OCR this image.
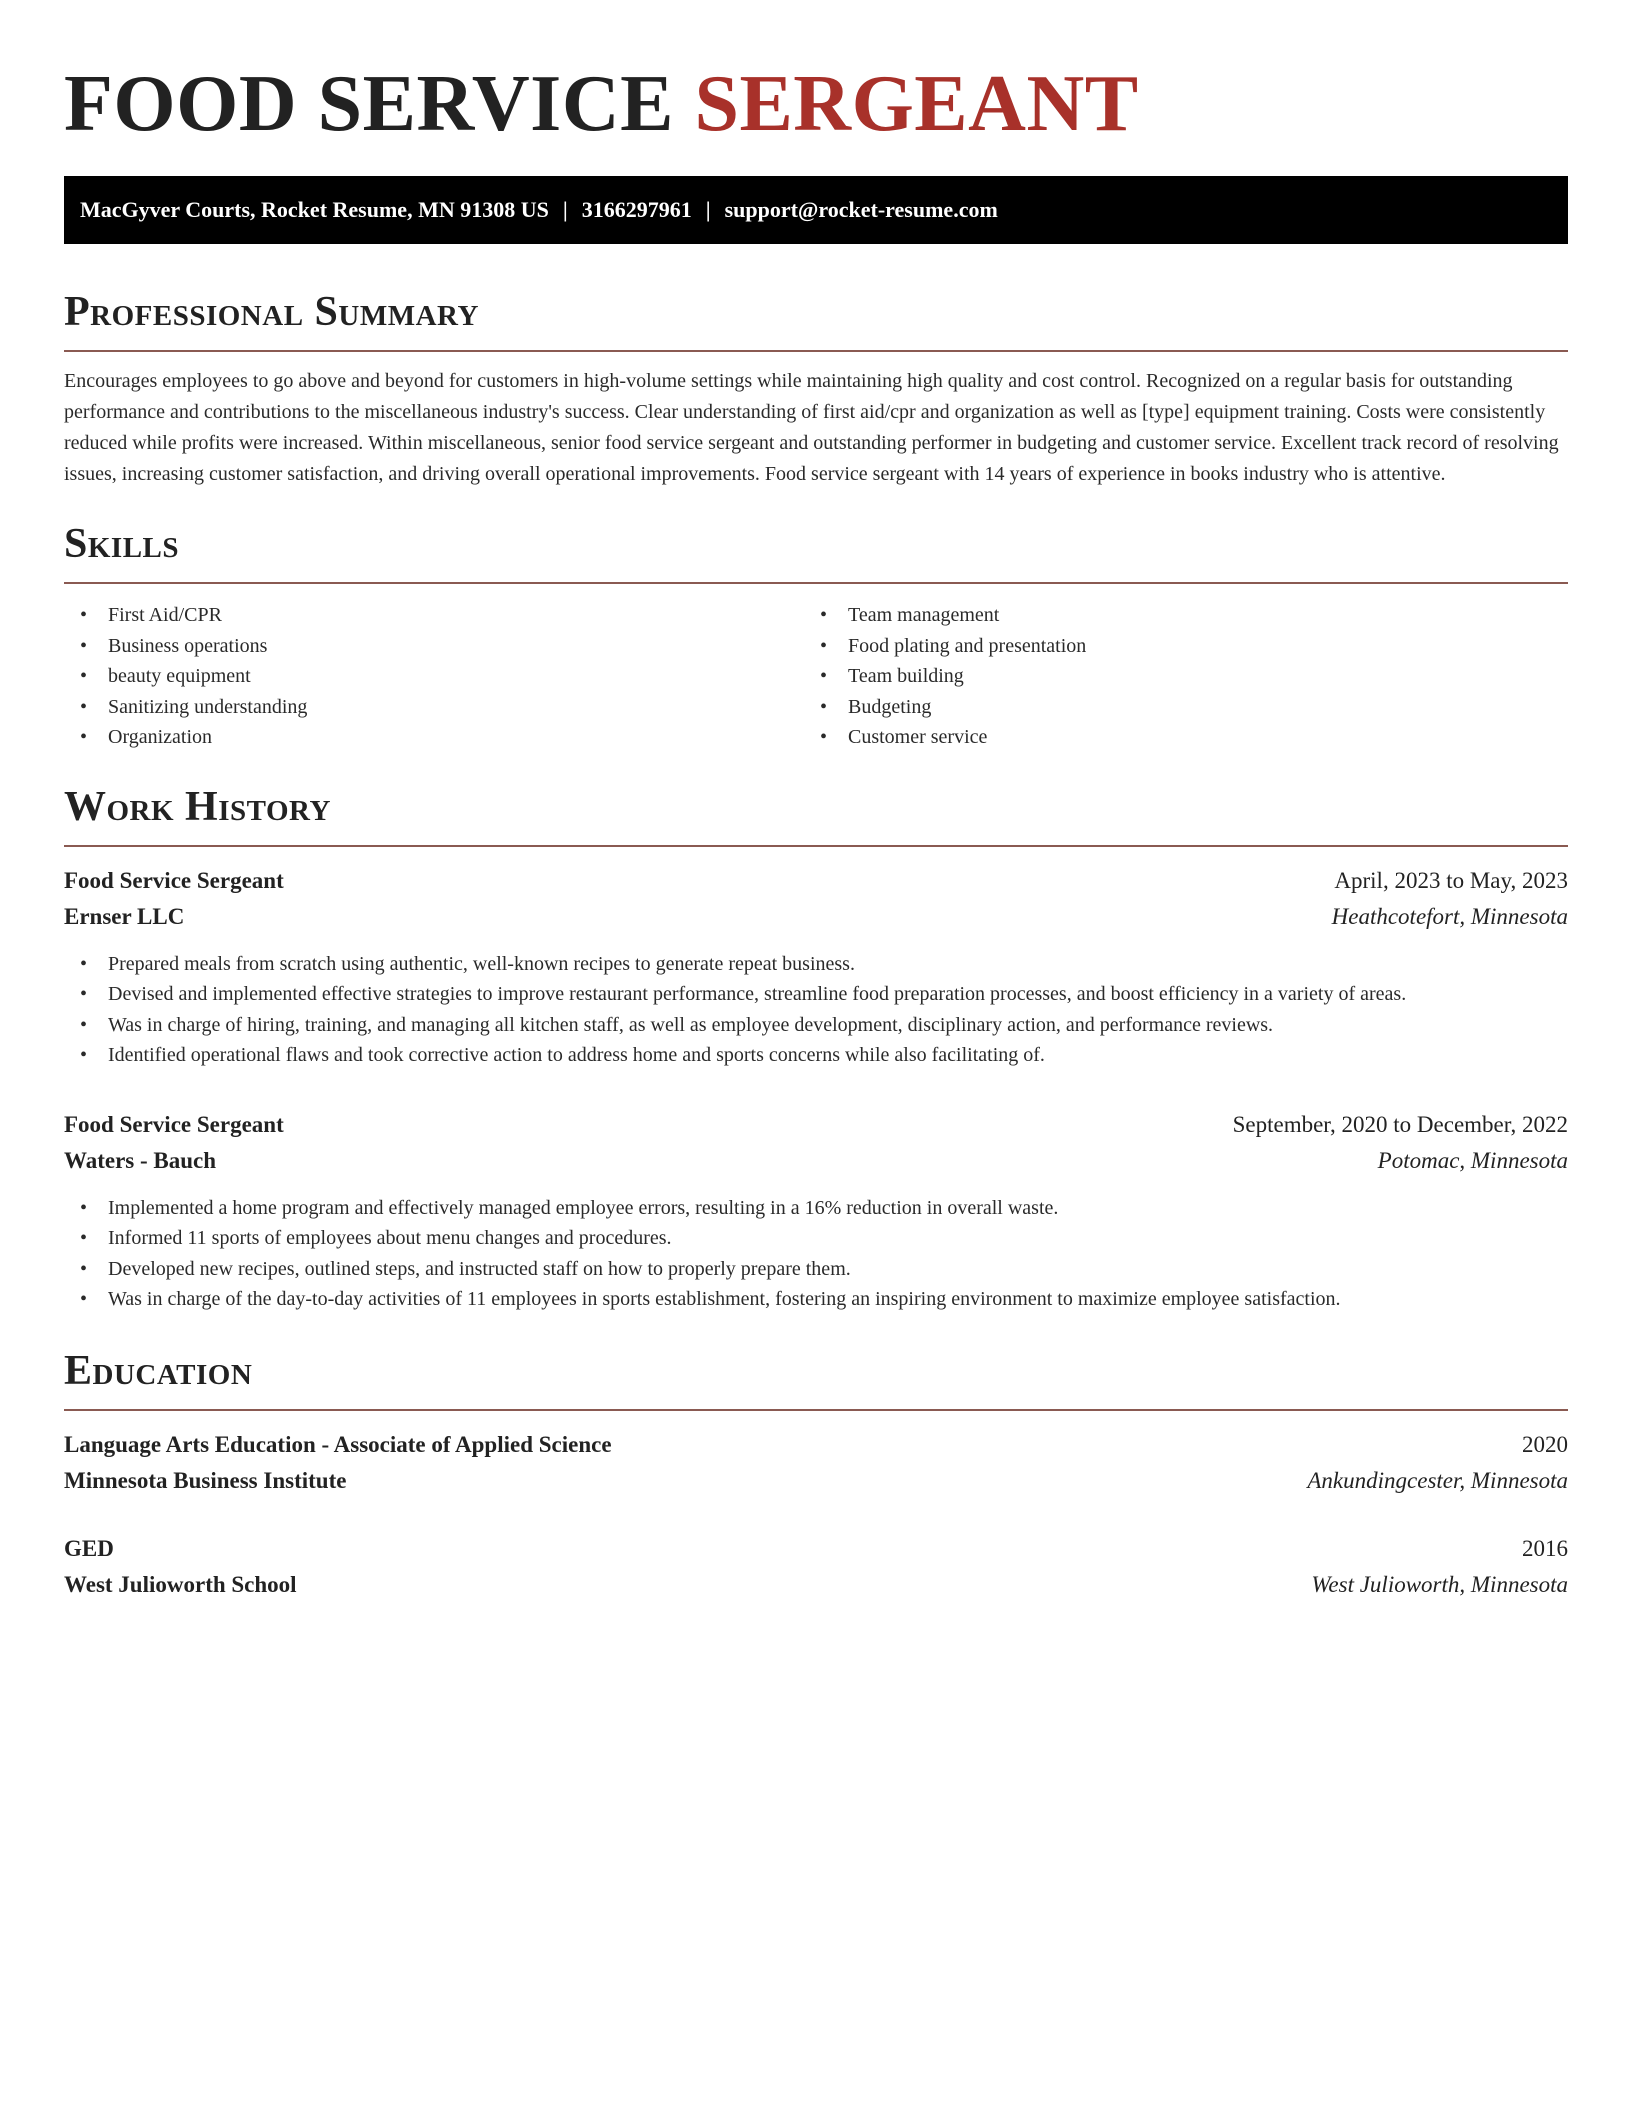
FOOD SERVICE SERGEANT
MacGyver Courts, Rocket Resume, MN 91308 US | 3166297961 | support@rocket-resume.com
Professional Summary

Encourages employees to go above and beyond for customers in high-volume settings while maintaining high quality and cost control. Recognized on a regular basis for outstanding performance and contributions to the miscellaneous industry's success. Clear understanding of first aid/cpr and organization as well as [type] equipment training. Costs were consistently reduced while profits were increased. Within miscellaneous, senior food service sergeant and outstanding performer in budgeting and customer service. Excellent track record of resolving issues, increasing customer satisfaction, and driving overall operational improvements. Food service sergeant with 14 years of experience in books industry who is attentive.

Skills
• First Aid/CPR
• Business operations
• beauty equipment
• Sanitizing understanding
• Organization
• Team management
• Food plating and presentation
• Team building
• Budgeting
• Customer service
Work History
Food Service Sergeant	April, 2023 to May, 2023
Ernser LLC	Heathcotefort, Minnesota
• Prepared meals from scratch using authentic, well-known recipes to generate repeat business.
• Devised and implemented effective strategies to improve restaurant performance, streamline food preparation processes, and boost efficiency in a variety of areas.
• Was in charge of hiring, training, and managing all kitchen staff, as well as employee development, disciplinary action, and performance reviews.
• Identified operational flaws and took corrective action to address home and sports concerns while also facilitating of.
Food Service Sergeant	September, 2020 to December, 2022
Waters - Bauch	Potomac, Minnesota
• Implemented a home program and effectively managed employee errors, resulting in a 16% reduction in overall waste.
• Informed 11 sports of employees about menu changes and procedures.
• Developed new recipes, outlined steps, and instructed staff on how to properly prepare them.
• Was in charge of the day-to-day activities of 11 employees in sports establishment, fostering an inspiring environment to maximize employee satisfaction.
Education
Language Arts Education - Associate of Applied Science	2020
Minnesota Business Institute	Ankundingcester, Minnesota
GED	2016
West Julioworth School	West Julioworth, Minnesota
